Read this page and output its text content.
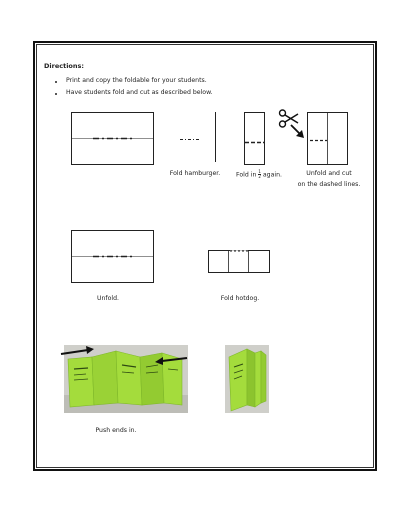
Directions:
Print and copy the foldable for your students.
Have students fold and cut as described below.
Fold hamburger.	Fold in $\frac{1}{2}$ again.	Unfold and cut
on the dashed lines.
Unfold.	Fold hotdog.
Push ends in.
